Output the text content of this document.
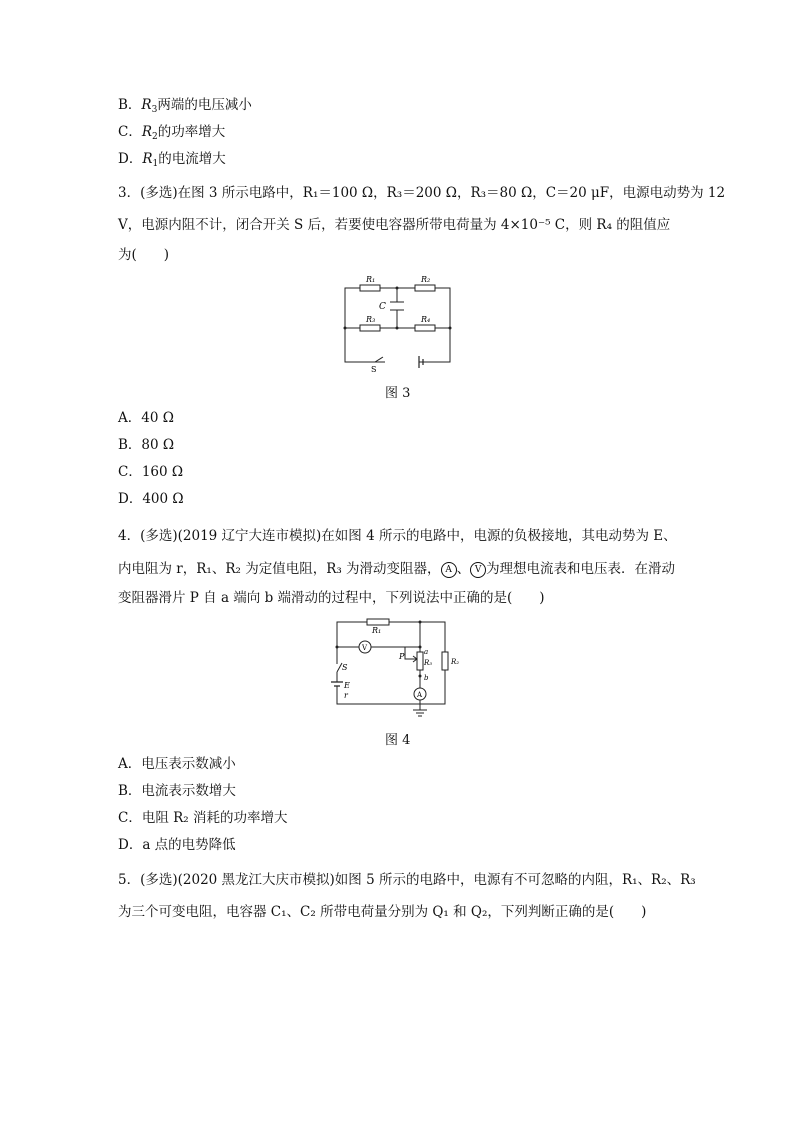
B．$R_3$两端的电压减小
C．$R_2$的功率增大
D．$R_1$的电流增大
3．(多选)在图 3 所示电路中，R₁＝100 Ω，R₃＝200 Ω，R₃＝80 Ω，C＝20 μF，电源电动势为 12
V，电源内阻不计，闭合开关 S 后，若要使电容器所带电荷量为 4×10⁻⁵ C，则 R₄ 的阻值应
为(　　)
R₁	R₂
R₃	R₄
C
S
图 3
A．40 Ω
B．80 Ω
C．160 Ω
D．400 Ω
4．(多选)(2019 辽宁大连市模拟)在如图 4 所示的电路中，电源的负极接地，其电动势为 E、
内电阻为 r，R₁、R₂ 为定值电阻，R₃ 为滑动变阻器， A 、 V 为理想电流表和电压表．在滑动
变阻器滑片 P 自 a 端向 b 端滑动的过程中，下列说法中正确的是(　　)
R₁
V
P	a
R₃
b
A
R₂
S
E
r
图 4
A．电压表示数减小
B．电流表示数增大
C．电阻 R₂ 消耗的功率增大
D．a 点的电势降低
5．(多选)(2020 黑龙江大庆市模拟)如图 5 所示的电路中，电源有不可忽略的内阻，R₁、R₂、R₃
为三个可变电阻，电容器 C₁、C₂ 所带电荷量分别为 Q₁ 和 Q₂，下列判断正确的是(　　)
